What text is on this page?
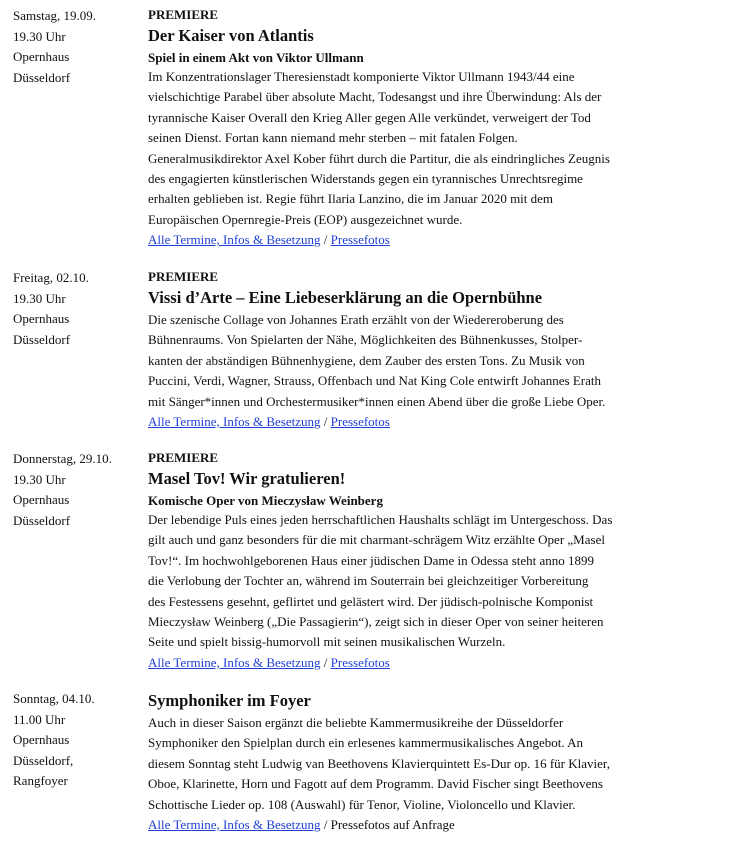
Samstag, 19.09.
19.30 Uhr
Opernhaus
Düsseldorf
PREMIERE
Der Kaiser von Atlantis
Spiel in einem Akt von Viktor Ullmann
Im Konzentrationslager Theresienstadt komponierte Viktor Ullmann 1943/44 eine
vielschichtige Parabel über absolute Macht, Todesangst und ihre Überwindung: Als der
tyrannische Kaiser Overall den Krieg Aller gegen Alle verkündet, verweigert der Tod
seinen Dienst. Fortan kann niemand mehr sterben – mit fatalen Folgen.
Generalmusikdirektor Axel Kober führt durch die Partitur, die als eindringliches Zeugnis
des engagierten künstlerischen Widerstands gegen ein tyrannisches Unrechtsregime
erhalten geblieben ist. Regie führt Ilaria Lanzino, die im Januar 2020 mit dem
Europäischen Opernregie-Preis (EOP) ausgezeichnet wurde.
Alle Termine, Infos & Besetzung / Pressefotos
Freitag, 02.10.
19.30 Uhr
Opernhaus
Düsseldorf
PREMIERE
Vissi d’Arte – Eine Liebeserklärung an die Opernbühne
Die szenische Collage von Johannes Erath erzählt von der Wiedereroberung des
Bühnenraums. Von Spielarten der Nähe, Möglichkeiten des Bühnenkusses, Stolper-
kanten der abständigen Bühnenhygiene, dem Zauber des ersten Tons. Zu Musik von
Puccini, Verdi, Wagner, Strauss, Offenbach und Nat King Cole entwirft Johannes Erath
mit Sänger*innen und Orchestermusiker*innen einen Abend über die große Liebe Oper.
Alle Termine, Infos & Besetzung / Pressefotos
Donnerstag, 29.10.
19.30 Uhr
Opernhaus
Düsseldorf
PREMIERE
Masel Tov! Wir gratulieren!
Komische Oper von Mieczysław Weinberg
Der lebendige Puls eines jeden herrschaftlichen Haushalts schlägt im Untergeschoss. Das
gilt auch und ganz besonders für die mit charmant-schrägem Witz erzählte Oper „Masel
Tov!“. Im hochwohlgeborenen Haus einer jüdischen Dame in Odessa steht anno 1899
die Verlobung der Tochter an, während im Souterrain bei gleichzeitiger Vorbereitung
des Festessens gesehnt, geflirtet und gelästert wird. Der jüdisch-polnische Komponist
Mieczysław Weinberg („Die Passagierin“), zeigt sich in dieser Oper von seiner heiteren
Seite und spielt bissig-humorvoll mit seinen musikalischen Wurzeln.
Alle Termine, Infos & Besetzung / Pressefotos
Sonntag, 04.10.
11.00 Uhr
Opernhaus
Düsseldorf,
Rangfoyer
Symphoniker im Foyer
Auch in dieser Saison ergänzt die beliebte Kammermusikreihe der Düsseldorfer
Symphoniker den Spielplan durch ein erlesenes kammermusikalisches Angebot. An
diesem Sonntag steht Ludwig van Beethovens Klavierquintett Es-Dur op. 16 für Klavier,
Oboe, Klarinette, Horn und Fagott auf dem Programm. David Fischer singt Beethovens
Schottische Lieder op. 108 (Auswahl) für Tenor, Violine, Violoncello und Klavier.
Alle Termine, Infos & Besetzung / Pressefotos auf Anfrage
